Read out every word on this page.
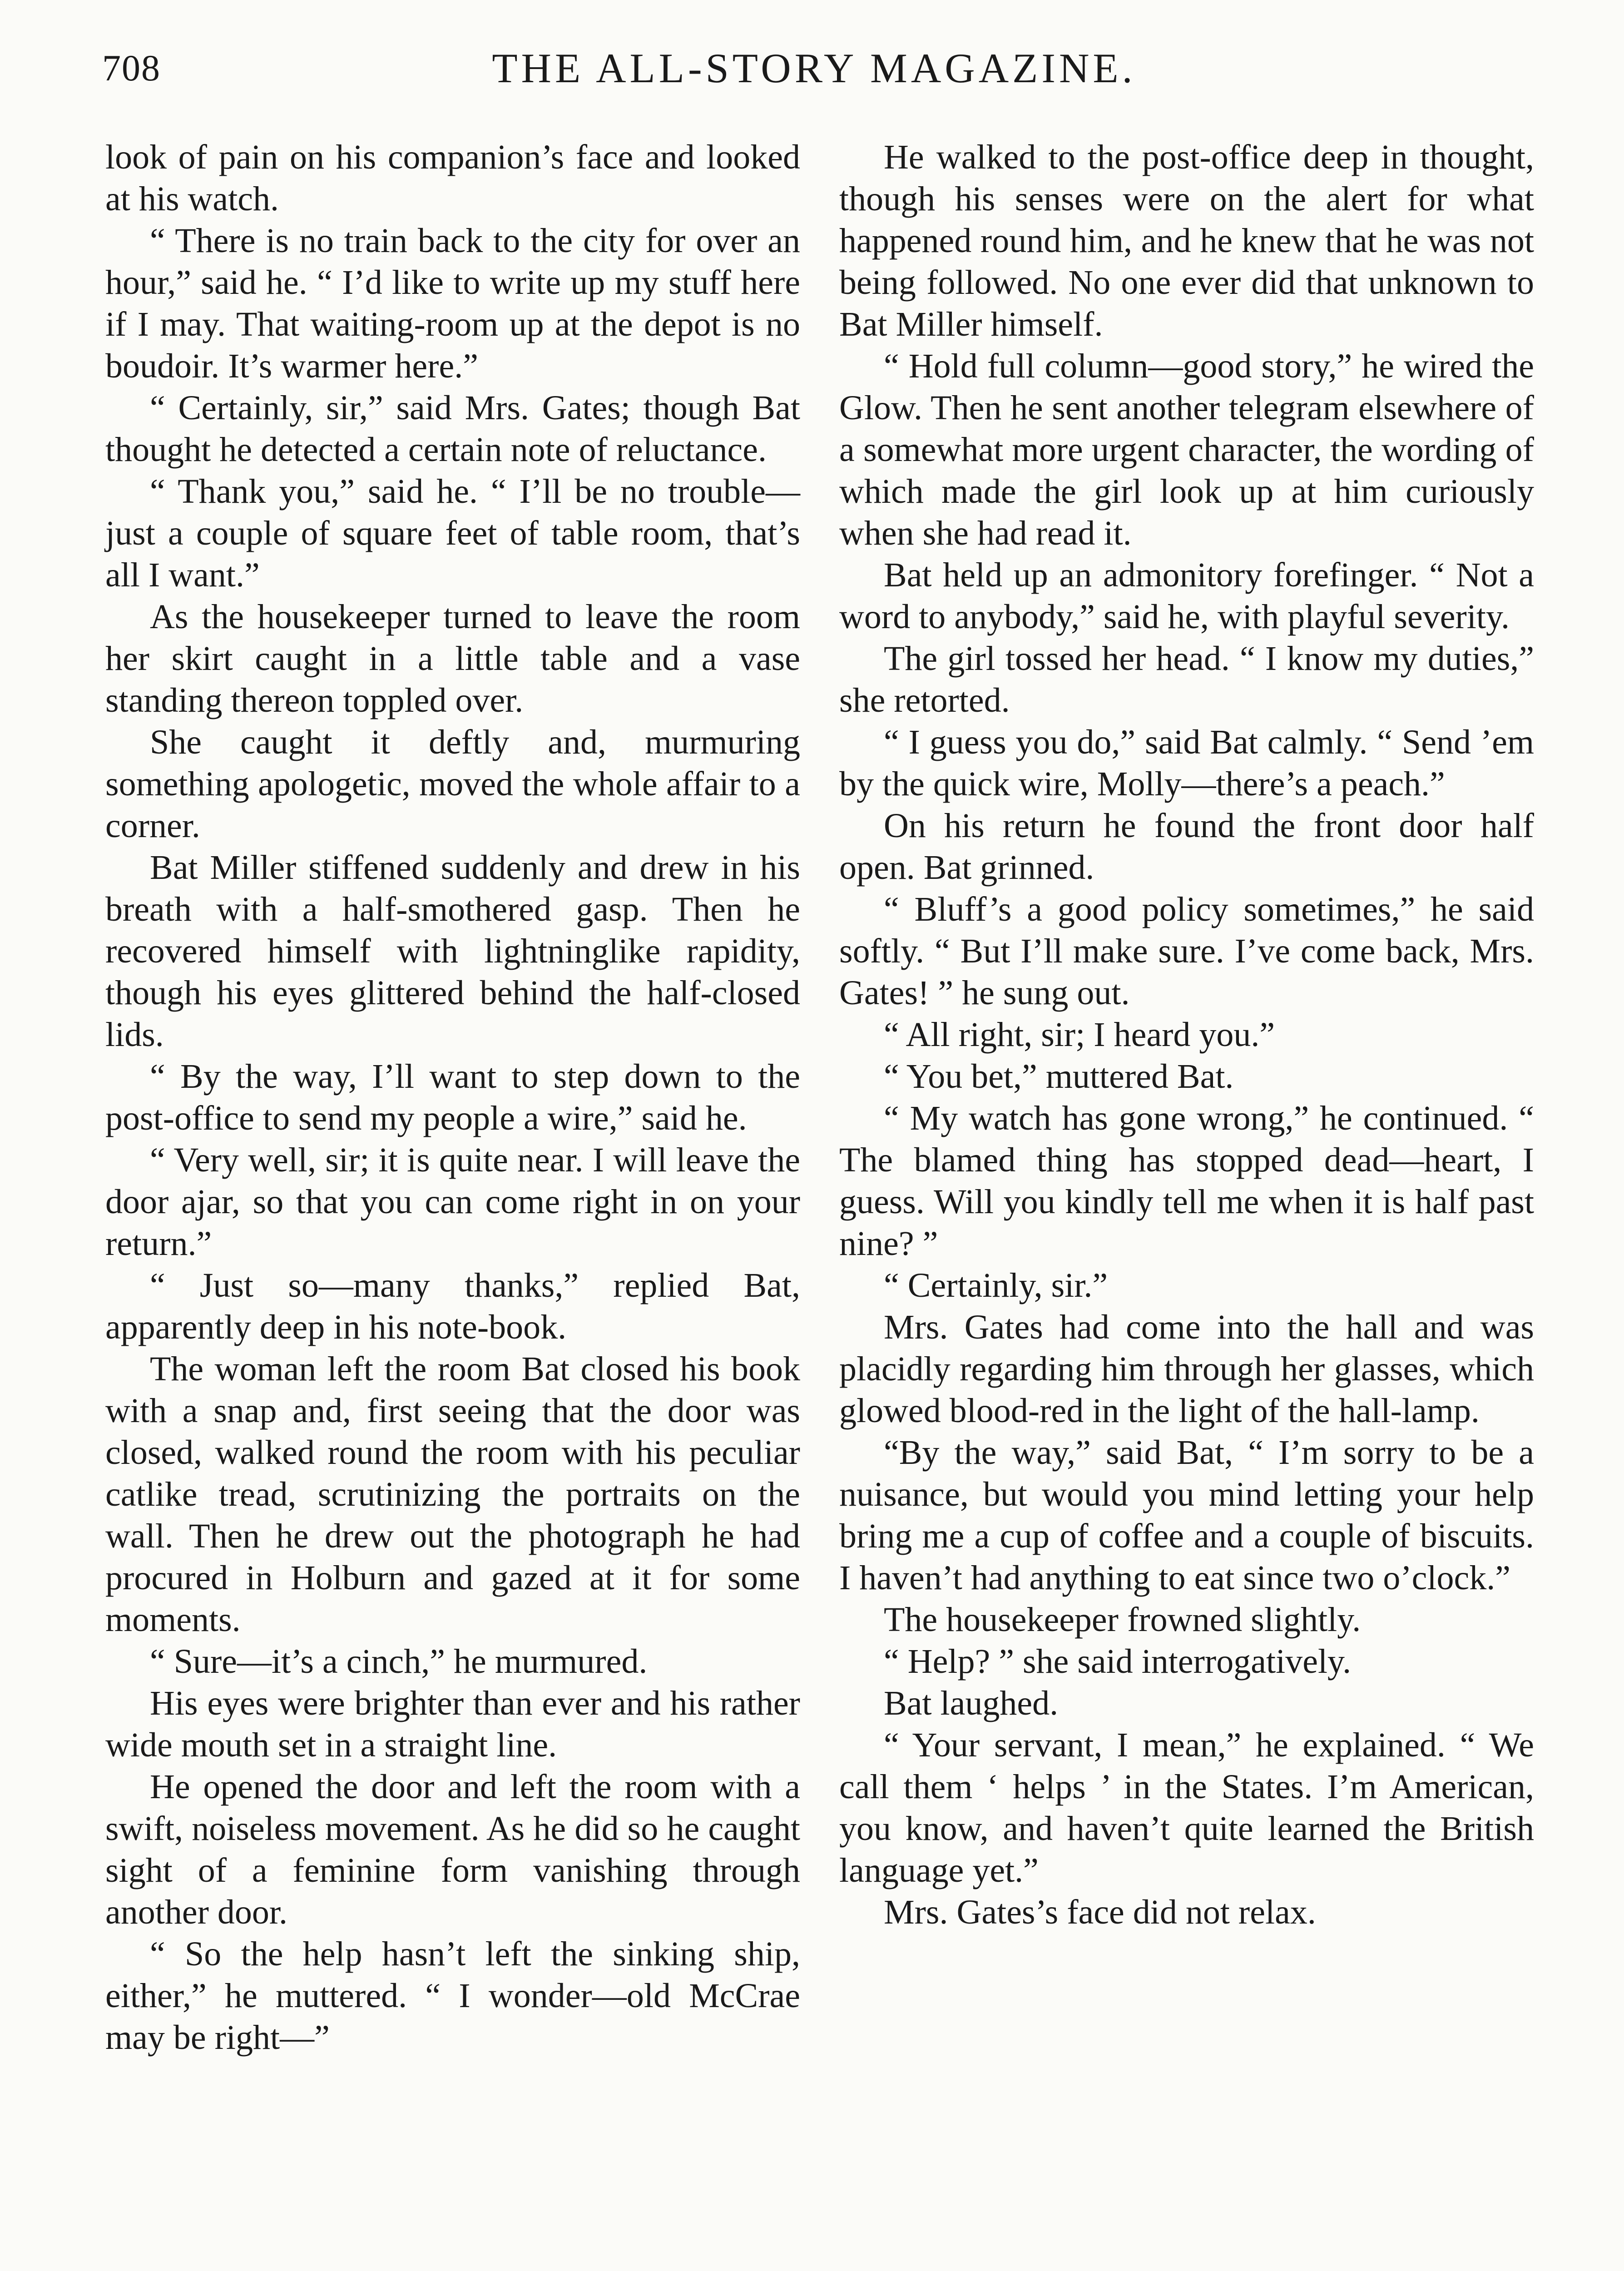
708	THE ALL-STORY MAGAZINE.

look of pain on his companion’s face and looked at his watch.

“ There is no train back to the city for over an hour,” said he. “ I’d like to write up my stuff here if I may. That waiting-room up at the depot is no boudoir. It’s warmer here.”

“ Certainly, sir,” said Mrs. Gates; though Bat thought he detected a certain note of reluctance.

“ Thank you,” said he. “ I’ll be no trouble—just a couple of square feet of table room, that’s all I want.”

As the housekeeper turned to leave the room her skirt caught in a little table and a vase standing thereon toppled over.

She caught it deftly and, murmuring something apologetic, moved the whole affair to a corner.

Bat Miller stiffened suddenly and drew in his breath with a half-smothered gasp. Then he recovered himself with lightninglike rapidity, though his eyes glittered behind the half-closed lids.

“ By the way, I’ll want to step down to the post-office to send my people a wire,” said he.

“ Very well, sir; it is quite near. I will leave the door ajar, so that you can come right in on your return.”

“ Just so—many thanks,” replied Bat, apparently deep in his note-book.

The woman left the room Bat closed his book with a snap and, first seeing that the door was closed, walked round the room with his peculiar catlike tread, scrutinizing the portraits on the wall. Then he drew out the photograph he had procured in Holburn and gazed at it for some moments.

“ Sure—it’s a cinch,” he murmured.

His eyes were brighter than ever and his rather wide mouth set in a straight line.

He opened the door and left the room with a swift, noiseless movement. As he did so he caught sight of a feminine form vanishing through another door.

“ So the help hasn’t left the sinking ship, either,” he muttered. “ I wonder—old McCrae may be right—”

He walked to the post-office deep in thought, though his senses were on the alert for what happened round him, and he knew that he was not being followed. No one ever did that unknown to Bat Miller himself.

“ Hold full column—good story,” he wired the Glow. Then he sent another telegram elsewhere of a somewhat more urgent character, the wording of which made the girl look up at him curiously when she had read it.

Bat held up an admonitory forefinger. “ Not a word to anybody,” said he, with playful severity.

The girl tossed her head. “ I know my duties,” she retorted.

“ I guess you do,” said Bat calmly. “ Send ’em by the quick wire, Molly—there’s a peach.”

On his return he found the front door half open. Bat grinned.

“ Bluff’s a good policy sometimes,” he said softly. “ But I’ll make sure. I’ve come back, Mrs. Gates! ” he sung out.

“ All right, sir; I heard you.”

“ You bet,” muttered Bat.

“ My watch has gone wrong,” he continued. “ The blamed thing has stopped dead—heart, I guess. Will you kindly tell me when it is half past nine? ”

“ Certainly, sir.”

Mrs. Gates had come into the hall and was placidly regarding him through her glasses, which glowed blood-red in the light of the hall-lamp.

“By the way,” said Bat, “ I’m sorry to be a nuisance, but would you mind letting your help bring me a cup of coffee and a couple of biscuits. I haven’t had anything to eat since two o’clock.”

The housekeeper frowned slightly.

“ Help? ” she said interrogatively.

Bat laughed.

“ Your servant, I mean,” he explained. “ We call them ‘ helps ’ in the States. I’m American, you know, and haven’t quite learned the British language yet.”

Mrs. Gates’s face did not relax.
